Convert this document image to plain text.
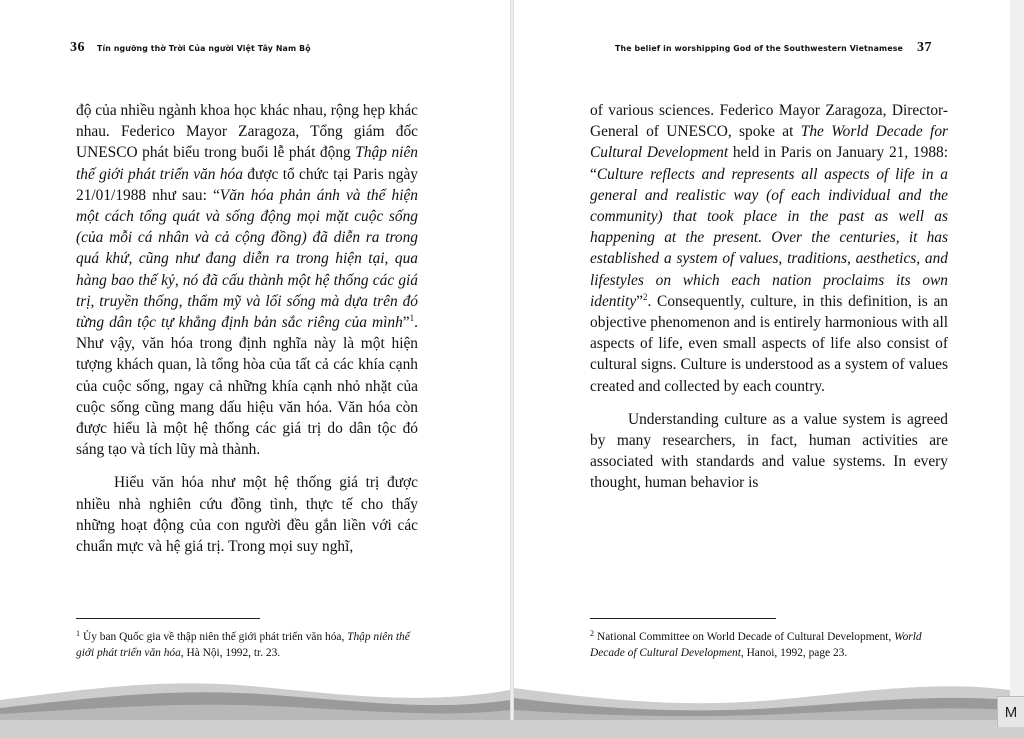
36 Tín ngưỡng thờ Trời Của người Việt Tây Nam Bộ

độ của nhiều ngành khoa học khác nhau, rộng hẹp khác nhau. Federico Mayor Zaragoza, Tổng giám đốc UNESCO phát biểu trong buổi lễ phát động Thập niên thế giới phát triển văn hóa được tổ chức tại Paris ngày 21/01/1988 như sau: “Văn hóa phản ánh và thể hiện một cách tổng quát và sống động mọi mặt cuộc sống (của mỗi cá nhân và cả cộng đồng) đã diễn ra trong quá khứ, cũng như đang diễn ra trong hiện tại, qua hàng bao thế kỷ, nó đã cấu thành một hệ thống các giá trị, truyền thống, thẩm mỹ và lối sống mà dựa trên đó từng dân tộc tự khẳng định bản sắc riêng của mình”$^1$. Như vậy, văn hóa trong định nghĩa này là một hiện tượng khách quan, là tổng hòa của tất cả các khía cạnh của cuộc sống, ngay cả những khía cạnh nhỏ nhặt của cuộc sống cũng mang dấu hiệu văn hóa. Văn hóa còn được hiểu là một hệ thống các giá trị do dân tộc đó sáng tạo và tích lũy mà thành.

Hiểu văn hóa như một hệ thống giá trị được nhiều nhà nghiên cứu đồng tình, thực tế cho thấy những hoạt động của con người đều gắn liền với các chuẩn mực và hệ giá trị. Trong mọi suy nghĩ,

$^1$ Ủy ban Quốc gia về thập niên thế giới phát triển văn hóa, Thập niên thế giới phát triển văn hóa, Hà Nội, 1992, tr. 23.
The belief in worshipping God of the Southwestern Vietnamese 37

of various sciences. Federico Mayor Zaragoza, Director-General of UNESCO, spoke at The World Decade for Cultural Development held in Paris on January 21, 1988: “Culture reflects and represents all aspects of life in a general and realistic way (of each individual and the community) that took place in the past as well as happening at the present. Over the centuries, it has established a system of values, traditions, aesthetics, and lifestyles on which each nation proclaims its own identity”$^2$. Consequently, culture, in this definition, is an objective phenomenon and is entirely harmonious with all aspects of life, even small aspects of life also consist of cultural signs. Culture is understood as a system of values created and collected by each country.

Understanding culture as a value system is agreed by many researchers, in fact, human activities are associated with standards and value systems. In every thought, human behavior is

$^2$ National Committee on World Decade of Cultural Development, World Decade of Cultural Development, Hanoi, 1992, page 23.
M
